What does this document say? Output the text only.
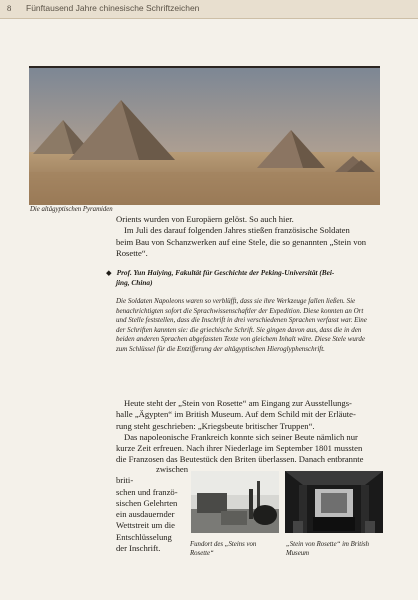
8 Fünftausend Jahre chinesische Schriftzeichen
Die altägyptischen Pyramiden
Orients wurden von Europäern gelöst. So auch hier.
Im Juli des darauf folgenden Jahres stießen französische Soldaten
beim Bau von Schanzwerken auf eine Stele, die so genannten „Stein von
Rosette“.
◆ Prof. Yun Haiying, Fakultät für Geschichte der Peking-Universität (Bei-
jing, China)
Die Soldaten Napoleons waren so verblüfft, dass sie ihre Werkzeuge fallen ließen. Sie
benachrichtigten sofort die Sprachwissenschaftler der Expedition. Diese konnten an Ort
und Stelle feststellen, dass die Inschrift in drei verschiedenen Sprachen verfasst war. Eine
der Schriften kannten sie: die griechische Schrift. Sie gingen davon aus, dass die in den
beiden anderen Sprachen abgefassten Texte von gleichem Inhalt wäre. Diese Stele wurde
zum Schlüssel für die Entzifferung der altägyptischen Hieroglyphenschrift.
Heute steht der „Stein von Rosette“ am Eingang zur Ausstellungs-
halle „Ägypten“ im British Museum. Auf dem Schild mit der Erläute-
rung steht geschrieben: „Kriegsbeute britischer Truppen“.
Das napoleonische Frankreich konnte sich seiner Beute nämlich nur
kurze Zeit erfreuen. Nach ihrer Niederlage im September 1801 mussten
die Franzosen das Beutestück den Briten überlassen. Danach entbrannte
zwischen
briti-
schen und franzö-
sischen Gelehrten
ein ausdauernder
Wettstreit um die
Entschlüsselung
der Inschrift.	Fundort des „Steins von Rosette“
„Stein von Rosette“ im British Museum
